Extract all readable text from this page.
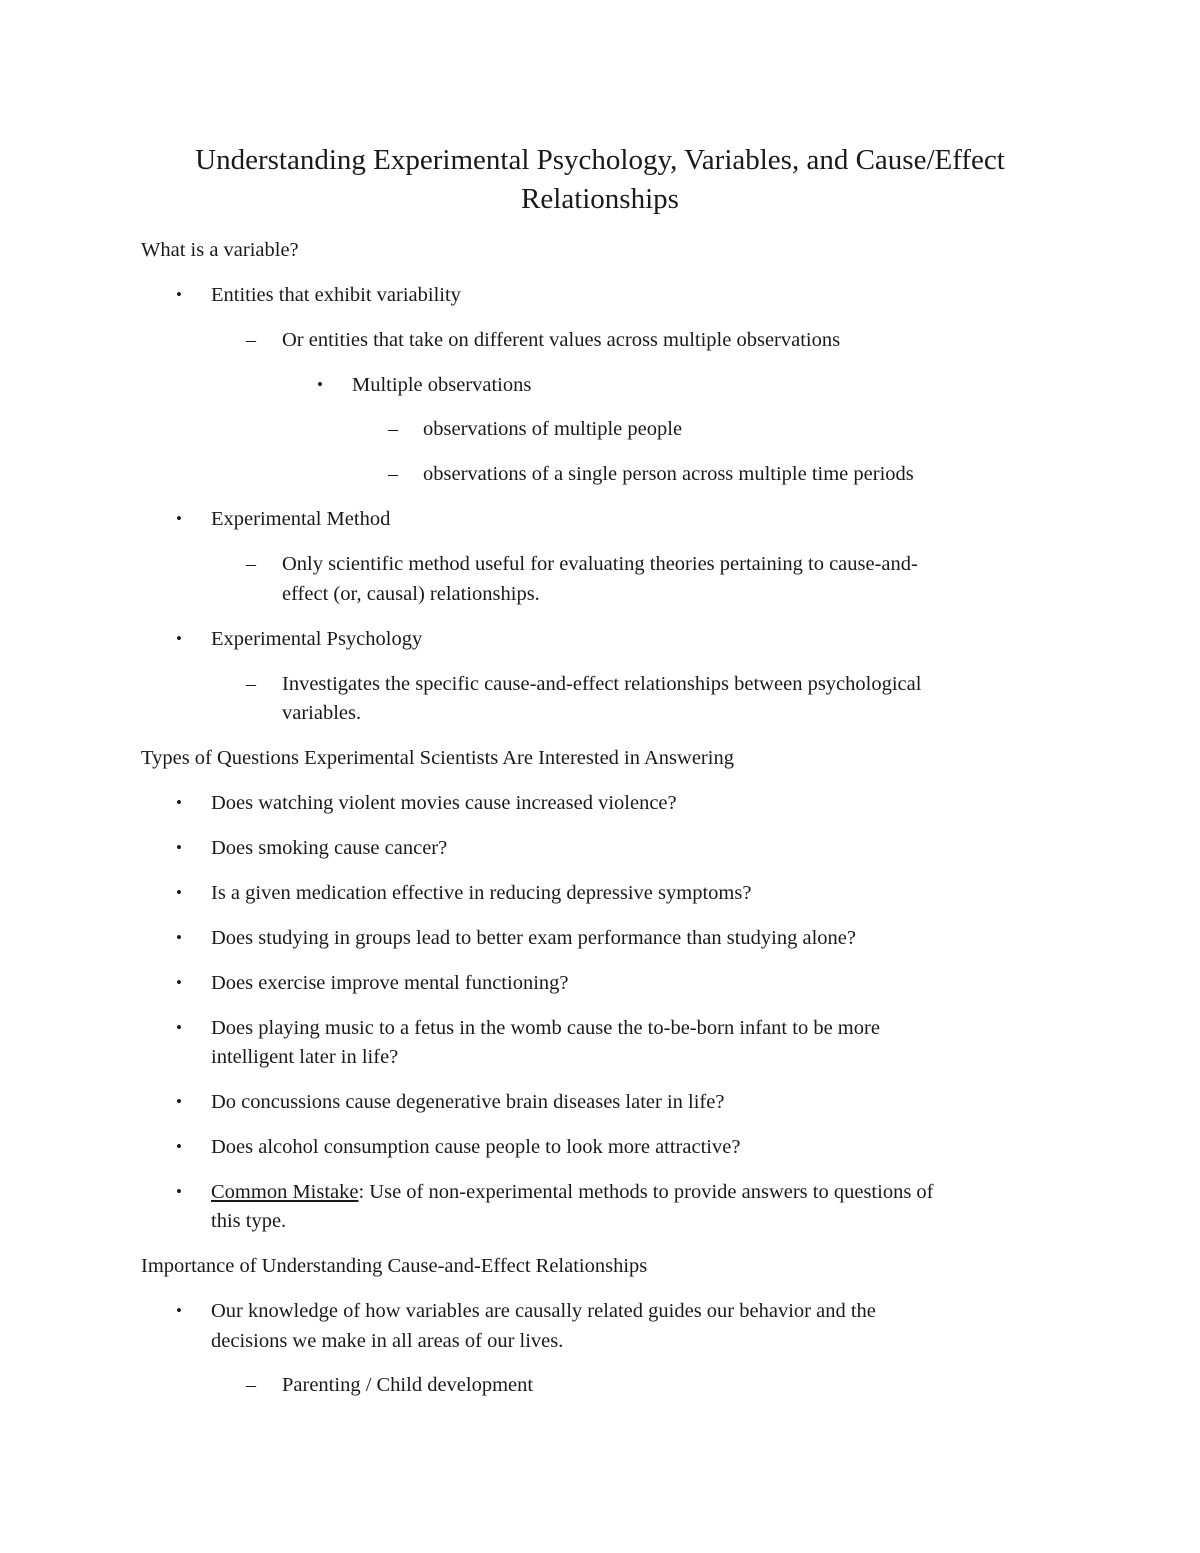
Understanding Experimental Psychology, Variables, and Cause/Effect
Relationships
What is a variable?
• Entities that exhibit variability
– Or entities that take on different values across multiple observations
• Multiple observations
– observations of multiple people
– observations of a single person across multiple time periods
• Experimental Method
– Only scientific method useful for evaluating theories pertaining to cause-and-
effect (or, causal) relationships.
• Experimental Psychology
– Investigates the specific cause-and-effect relationships between psychological
variables.
Types of Questions Experimental Scientists Are Interested in Answering
• Does watching violent movies cause increased violence?
• Does smoking cause cancer?
• Is a given medication effective in reducing depressive symptoms?
• Does studying in groups lead to better exam performance than studying alone?
• Does exercise improve mental functioning?
• Does playing music to a fetus in the womb cause the to-be-born infant to be more
intelligent later in life?
• Do concussions cause degenerative brain diseases later in life?
• Does alcohol consumption cause people to look more attractive?
• Common Mistake: Use of non-experimental methods to provide answers to questions of
this type.
Importance of Understanding Cause-and-Effect Relationships
• Our knowledge of how variables are causally related guides our behavior and the
decisions we make in all areas of our lives.
– Parenting / Child development
